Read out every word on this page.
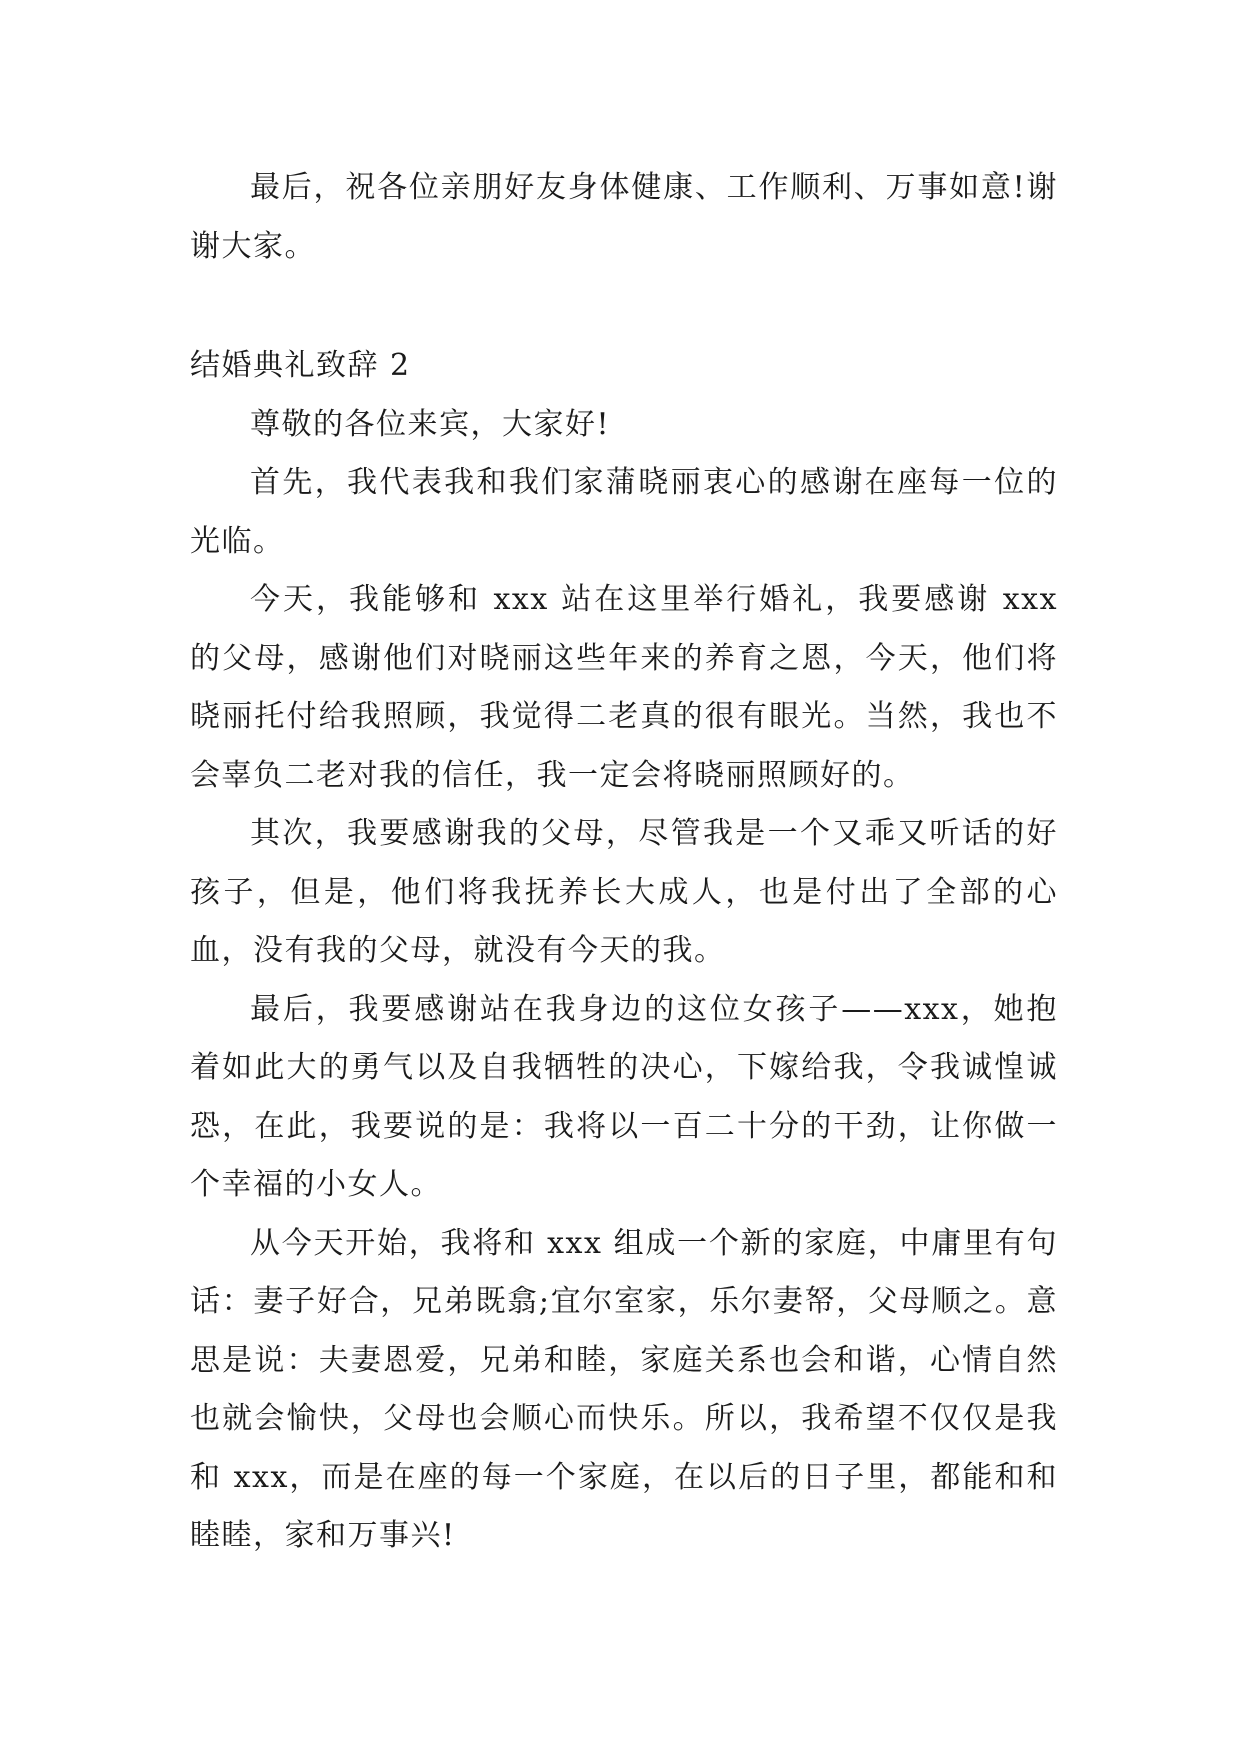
最后，祝各位亲朋好友身体健康、工作顺利、万事如意!谢谢大家。

结婚典礼致辞 2

尊敬的各位来宾，大家好!

首先，我代表我和我们家蒲晓丽衷心的感谢在座每一位的光临。

今天，我能够和 xxx 站在这里举行婚礼，我要感谢 xxx 的父母，感谢他们对晓丽这些年来的养育之恩，今天，他们将晓丽托付给我照顾，我觉得二老真的很有眼光。当然，我也不会辜负二老对我的信任，我一定会将晓丽照顾好的。

其次，我要感谢我的父母，尽管我是一个又乖又听话的好孩子，但是，他们将我抚养长大成人，也是付出了全部的心血，没有我的父母，就没有今天的我。

最后，我要感谢站在我身边的这位女孩子——xxx，她抱着如此大的勇气以及自我牺牲的决心，下嫁给我，令我诚惶诚恐，在此，我要说的是：我将以一百二十分的干劲，让你做一个幸福的小女人。

从今天开始，我将和 xxx 组成一个新的家庭，中庸里有句话：妻子好合，兄弟既翕;宜尔室家，乐尔妻帑，父母顺之。意思是说：夫妻恩爱，兄弟和睦，家庭关系也会和谐，心情自然也就会愉快，父母也会顺心而快乐。所以，我希望不仅仅是我和 xxx，而是在座的每一个家庭，在以后的日子里，都能和和睦睦，家和万事兴!
